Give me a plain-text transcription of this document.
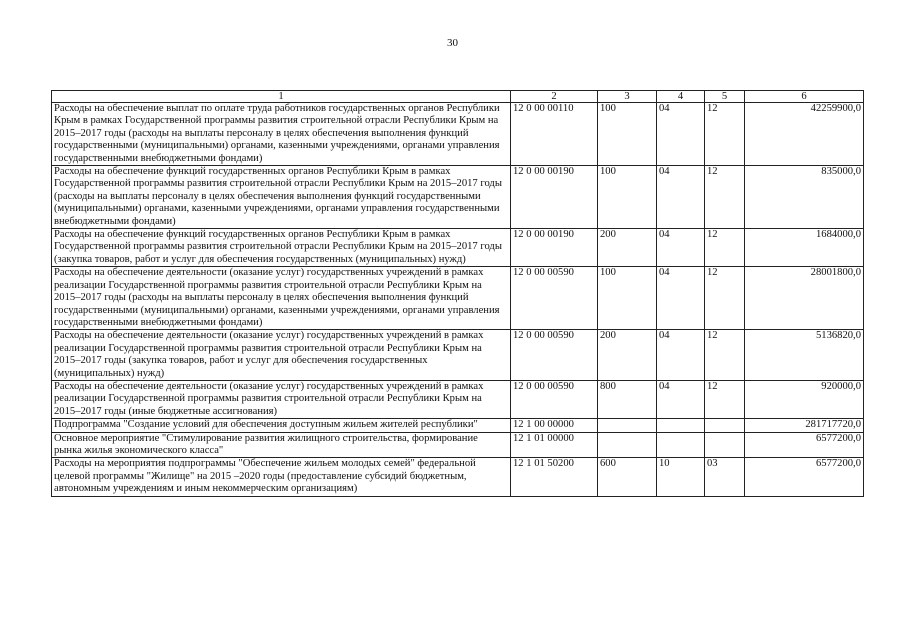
30
1	2	3	4	5	6
Расходы на обеспечение выплат по оплате труда работников государственных органов Республики Крым в рамках Государственной программы развития строительной отрасли Республики Крым на 2015–2017 годы (расходы на выплаты персоналу в целях обеспечения выполнения функций государственными (муниципальными) органами, казенными учреждениями, органами управления государственными внебюджетными фондами)	12 0 00 00110	100	04	12	42259900,0
Расходы на обеспечение функций государственных органов Республики Крым в рамках Государственной программы развития строительной отрасли Республики Крым на 2015–2017 годы (расходы на выплаты персоналу в целях обеспечения выполнения функций государственными (муниципальными) органами, казенными учреждениями, органами управления государственными внебюджетными фондами)	12 0 00 00190	100	04	12	835000,0
Расходы на обеспечение функций государственных органов Республики Крым в рамках Государственной программы развития строительной отрасли Республики Крым на 2015–2017 годы (закупка товаров, работ и услуг для обеспечения государственных (муниципальных) нужд)	12 0 00 00190	200	04	12	1684000,0
Расходы на обеспечение деятельности (оказание услуг) государственных учреждений в рамках реализации Государственной программы развития строительной отрасли Республики Крым на 2015–2017 годы (расходы на выплаты персоналу в целях обеспечения выполнения функций государственными (муниципальными) органами, казенными учреждениями, органами управления государственными внебюджетными фондами)	12 0 00 00590	100	04	12	28001800,0
Расходы на обеспечение деятельности (оказание услуг) государственных учреждений в рамках реализации Государственной программы развития строительной отрасли Республики Крым на 2015–2017 годы (закупка товаров, работ и услуг для обеспечения государственных (муниципальных) нужд)	12 0 00 00590	200	04	12	5136820,0
Расходы на обеспечение деятельности (оказание услуг) государственных учреждений в рамках реализации Государственной программы развития строительной отрасли Республики Крым на 2015–2017 годы (иные бюджетные ассигнования)	12 0 00 00590	800	04	12	920000,0
Подпрограмма "Создание условий для обеспечения доступным жильем жителей республики"	12 1 00 00000				281717720,0
Основное мероприятие "Стимулирование развития жилищного строительства, формирование рынка жилья экономического класса"	12 1 01 00000				6577200,0
Расходы на мероприятия подпрограммы "Обеспечение жильем молодых семей" федеральной целевой программы "Жилище" на 2015 –2020 годы (предоставление субсидий бюджетным, автономным учреждениям и иным некоммерческим организациям)	12 1 01 50200	600	10	03	6577200,0
